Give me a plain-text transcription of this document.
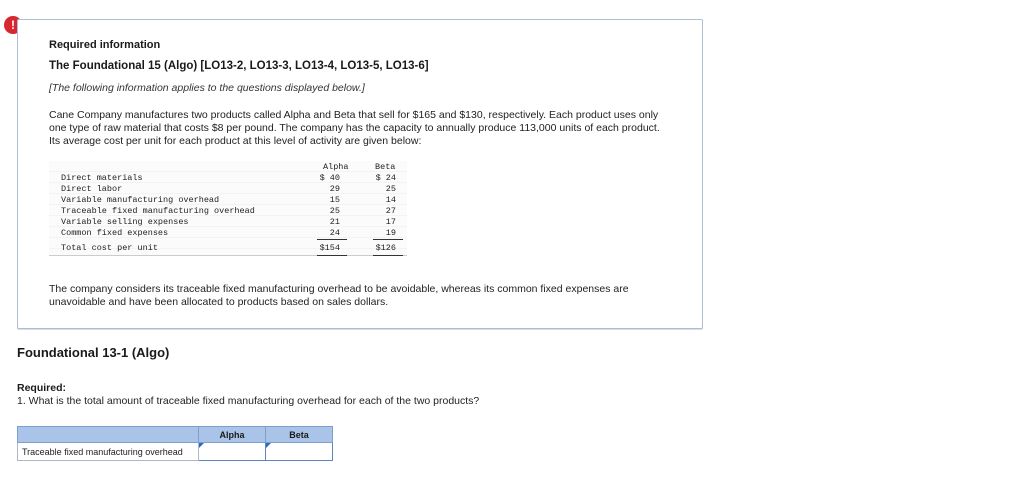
!
Required information
The Foundational 15 (Algo) [LO13-2, LO13-3, LO13-4, LO13-5, LO13-6]
[The following information applies to the questions displayed below.]
Cane Company manufactures two products called Alpha and Beta that sell for $165 and $130, respectively. Each product uses only one type of raw material that costs $8 per pound. The company has the capacity to annually produce 113,000 units of each product. Its average cost per unit for each product at this level of activity are given below:
Alpha	Beta
Direct materials	$ 40	$ 24
Direct labor	29	25
Variable manufacturing overhead	15	14
Traceable fixed manufacturing overhead	25	27
Variable selling expenses	21	17
Common fixed expenses	24	19
Total cost per unit	$154	$126
The company considers its traceable fixed manufacturing overhead to be avoidable, whereas its common fixed expenses are unavoidable and have been allocated to products based on sales dollars.
Foundational 13-1 (Algo)
Required:
1. What is the total amount of traceable fixed manufacturing overhead for each of the two products?
	Alpha	Beta
Traceable fixed manufacturing overhead	
